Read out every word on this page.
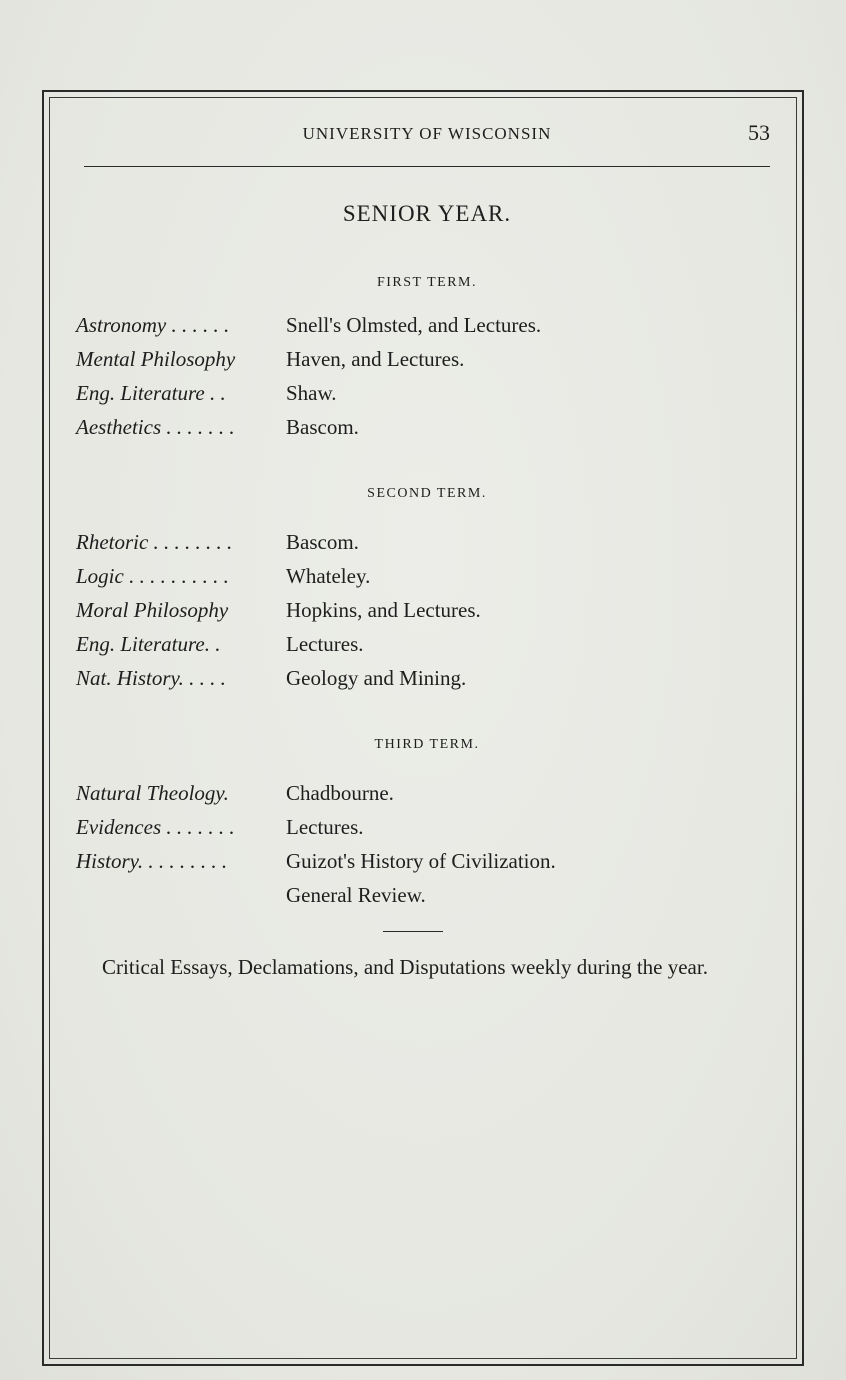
UNIVERSITY OF WISCONSIN	53
SENIOR YEAR.
FIRST TERM.
Astronomy . . . . . .	Snell's Olmsted, and Lectures.
Mental Philosophy Haven, and Lectures.
Eng. Literature . .	Shaw.
Aesthetics . . . . . . . Bascom.
SECOND TERM.
Rhetoric . . . . . . . .	Bascom.
Logic . . . . . . . . . .	Whateley.
Moral Philosophy	Hopkins, and Lectures.
Eng. Literature. .	Lectures.
Nat. History. . . . .	Geology and Mining.
THIRD TERM.
Natural Theology.	Chadbourne.
Evidences . . . . . . . Lectures.
History. . . . . . . . .	Guizot's History of Civilization.
General Review.
Critical Essays, Declamations, and Disputations weekly during the year.
